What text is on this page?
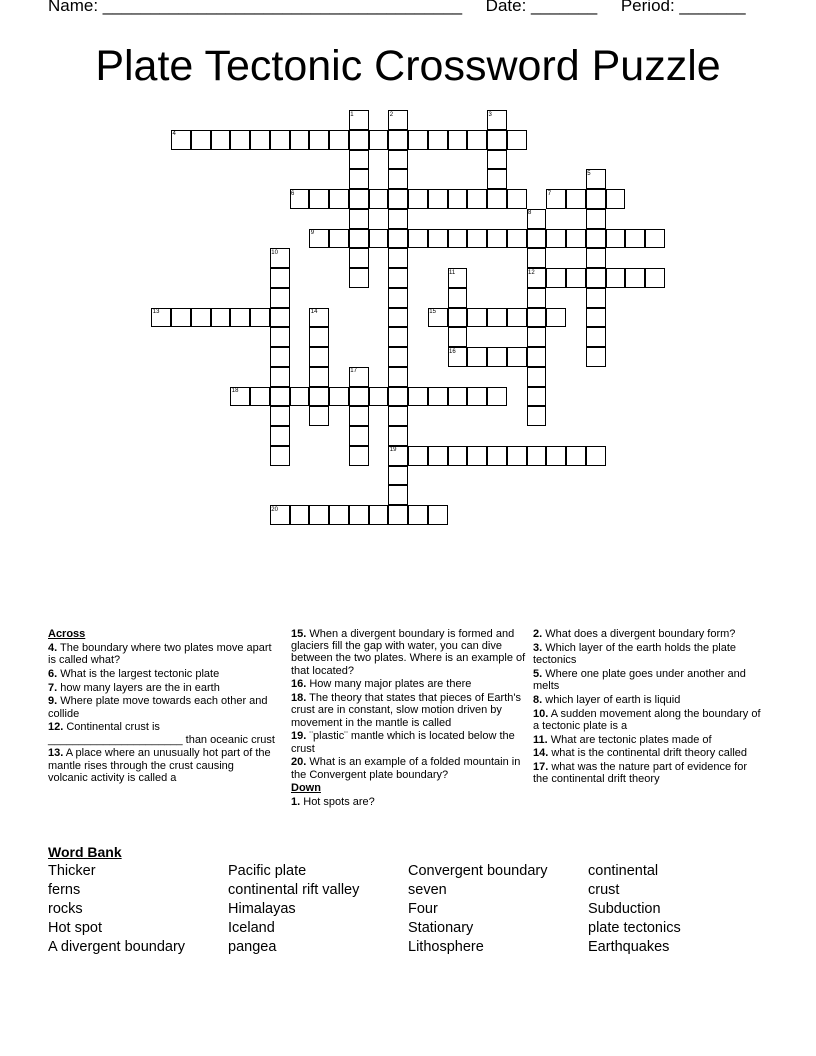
Name: ______________________________________     Date: _______     Period: _______
Plate Tectonic Crossword Puzzle
1	2	3
4
5
6	7
8
9
10
11	12
13	14	15
16
17
18
19
20

Across

4. The boundary where two plates move apart is called what?

6. What is the largest tectonic plate

7. how many layers are the in earth

9. Where plate move towards each other and collide

12. Continental crust is ______________________ than oceanic crust

13. A place where an unusually hot part of the mantle rises through the crust causing volcanic activity is called a

15. When a divergent boundary is formed and glaciers fill the gap with water, you can dive between the two plates. Where is an example of that located?

16. How many major plates are there

18. The theory that states that pieces of Earth's crust are in constant, slow motion driven by movement in the mantle is called

19. ¨plastic¨ mantle which is located below the crust

20. What is an example of a folded mountain in the Convergent plate boundary?

Down

1. Hot spots are?

2. What does a divergent boundary form?

3. Which layer of the earth holds the plate tectonics

5. Where one plate goes under another and melts

8. which layer of earth is liquid

10. A sudden movement along the boundary of a tectonic plate is a

11. What are tectonic plates made of

14. what is the continental drift theory called

17. what was the nature part of evidence for the continental drift theory

Word Bank
Thicker
ferns
rocks
Hot spot
A divergent boundary
Pacific plate
continental rift valley
Himalayas
Iceland
pangea
Convergent boundary
seven
Four
Stationary
Lithosphere
continental
crust
Subduction
plate tectonics
Earthquakes
